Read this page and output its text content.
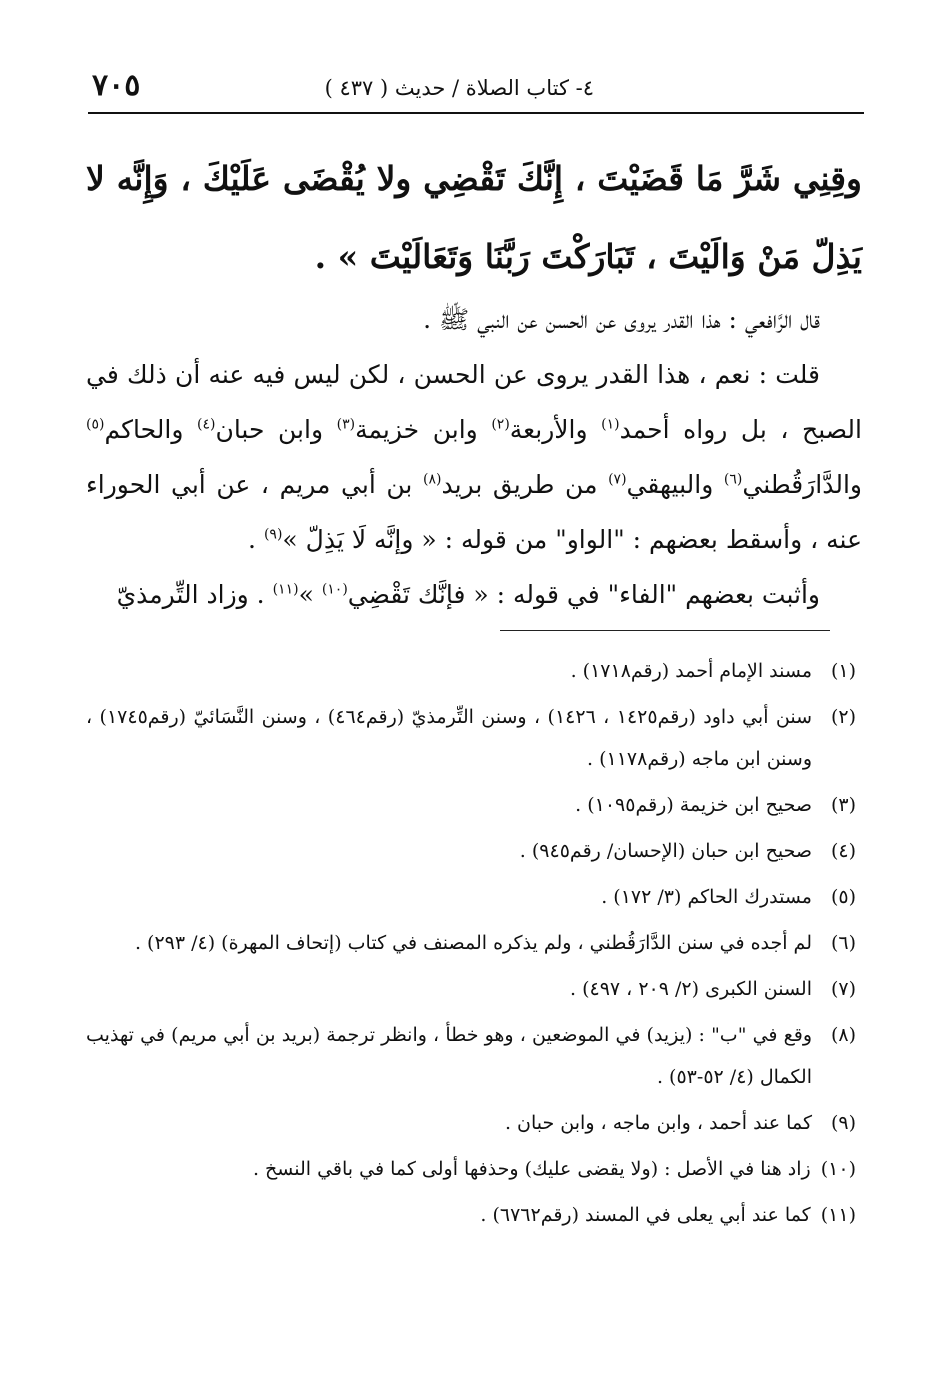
٧٠٥	٤- كتاب الصلاة / حديث ( ٤٣٧ )
وقِنِي شَرَّ مَا قَضَيْتَ ، إِنَّكَ تَقْضِي ولا يُقْضَى عَلَيْكَ ، وَإِنَّه لا يَذِلّ مَنْ وَالَيْتَ ، تَبَارَكْتَ رَبَّنَا وَتَعَالَيْتَ » .

قال الرَّافعي : هذا القدر يروى عن الحسن عن النبي ﷺ .

قلت : نعم ، هذا القدر يروى عن الحسن ، لكن ليس فيه عنه أن ذلك في الصبح ، بل رواه أحمد$^{(١)}$ والأربعة$^{(٢)}$ وابن خزيمة$^{(٣)}$ وابن حبان$^{(٤)}$ والحاكم$^{(٥)}$ والدَّارَقُطني$^{(٦)}$ والبيهقي$^{(٧)}$ من طريق بريد$^{(٨)}$ بن أبي مريم ، عن أبي الحوراء عنه ، وأسقط بعضهم : "الواو" من قوله : « وإنَّه لَا يَذِلّ »$^{(٩)}$ .

وأثبت بعضهم "الفاء" في قوله : « فإنَّك تَقْضِي$^{(١٠)}$ »$^{(١١)}$ . وزاد التِّرمذيّ

(١)
مسند الإمام أحمد (رقم١٧١٨) .
(٢)
سنن أبي داود (رقم١٤٢٥ ، ١٤٢٦) ، وسنن التِّرمذيّ (رقم٤٦٤) ، وسنن النَّسَائيّ (رقم١٧٤٥) ، وسنن ابن ماجه (رقم١١٧٨) .
(٣)
صحيح ابن خزيمة (رقم١٠٩٥) .
(٤)
صحيح ابن حبان (الإحسان/ رقم٩٤٥) .
(٥)
مستدرك الحاكم (٣/ ١٧٢) .
(٦)
لم أجده في سنن الدَّارَقُطني ، ولم يذكره المصنف في كتاب (إتحاف المهرة) (٤/ ٢٩٣) .
(٧)
السنن الكبرى (٢/ ٢٠٩ ، ٤٩٧) .
(٨)
وقع في "ب" : (يزيد) في الموضعين ، وهو خطأ ، وانظر ترجمة (بريد بن أبي مريم) في تهذيب الكمال (٤/ ٥٢-٥٣) .
(٩)
كما عند أحمد ، وابن ماجه ، وابن حبان .
(١٠)
زاد هنا في الأصل : (ولا يقضى عليك) وحذفها أولى كما في باقي النسخ .
(١١)
كما عند أبي يعلى في المسند (رقم٦٧٦٢) .
